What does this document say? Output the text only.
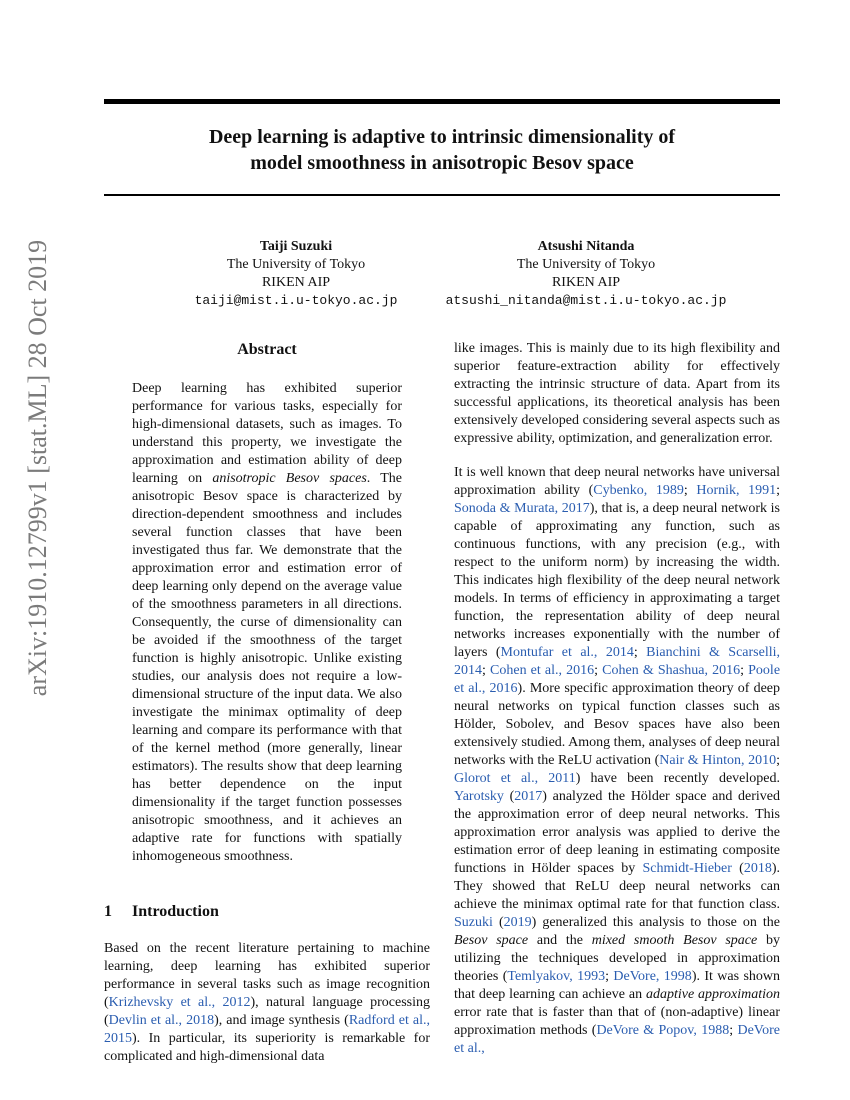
Deep learning is adaptive to intrinsic dimensionality of
model smoothness in anisotropic Besov space
arXiv:1910.12799v1 [stat.ML] 28 Oct 2019	Taiji Suzuki
The University of Tokyo
RIKEN AIP
taiji@mist.i.u-tokyo.ac.jp
Atsushi Nitanda
The University of Tokyo
RIKEN AIP
atsushi_nitanda@mist.i.u-tokyo.ac.jp
Abstract

Deep learning has exhibited superior performance for various tasks, especially for high-dimensional datasets, such as images. To understand this property, we investigate the approximation and estimation ability of deep learning on anisotropic Besov spaces. The anisotropic Besov space is characterized by direction-dependent smoothness and includes several function classes that have been investigated thus far. We demonstrate that the approximation error and estimation error of deep learning only depend on the average value of the smoothness parameters in all directions. Consequently, the curse of dimensionality can be avoided if the smoothness of the target function is highly anisotropic. Unlike existing studies, our analysis does not require a low-dimensional structure of the input data. We also investigate the minimax optimality of deep learning and compare its performance with that of the kernel method (more generally, linear estimators). The results show that deep learning has better dependence on the input dimensionality if the target function possesses anisotropic smoothness, and it achieves an adaptive rate for functions with spatially inhomogeneous smoothness.

1 Introduction

Based on the recent literature pertaining to machine learning, deep learning has exhibited superior performance in several tasks such as image recognition (Krizhevsky et al., 2012), natural language processing (Devlin et al., 2018), and image synthesis (Radford et al., 2015). In particular, its superiority is remarkable for complicated and high-dimensional data

like images. This is mainly due to its high flexibility and superior feature-extraction ability for effectively extracting the intrinsic structure of data. Apart from its successful applications, its theoretical analysis has been extensively developed considering several aspects such as expressive ability, optimization, and generalization error.

It is well known that deep neural networks have universal approximation ability (Cybenko, 1989; Hornik, 1991; Sonoda & Murata, 2017), that is, a deep neural network is capable of approximating any function, such as continuous functions, with any precision (e.g., with respect to the uniform norm) by increasing the width. This indicates high flexibility of the deep neural network models. In terms of efficiency in approximating a target function, the representation ability of deep neural networks increases exponentially with the number of layers (Montufar et al., 2014; Bianchini & Scarselli, 2014; Cohen et al., 2016; Cohen & Shashua, 2016; Poole et al., 2016). More specific approximation theory of deep neural networks on typical function classes such as Hölder, Sobolev, and Besov spaces have also been extensively studied. Among them, analyses of deep neural networks with the ReLU activation (Nair & Hinton, 2010; Glorot et al., 2011) have been recently developed. Yarotsky (2017) analyzed the Hölder space and derived the approximation error of deep neural networks. This approximation error analysis was applied to derive the estimation error of deep leaning in estimating composite functions in Hölder spaces by Schmidt-Hieber (2018). They showed that ReLU deep neural networks can achieve the minimax optimal rate for that function class. Suzuki (2019) generalized this analysis to those on the Besov space and the mixed smooth Besov space by utilizing the techniques developed in approximation theories (Temlyakov, 1993; DeVore, 1998). It was shown that deep learning can achieve an adaptive approximation error rate that is faster than that of (non-adaptive) linear approximation methods (DeVore & Popov, 1988; DeVore et al.,
